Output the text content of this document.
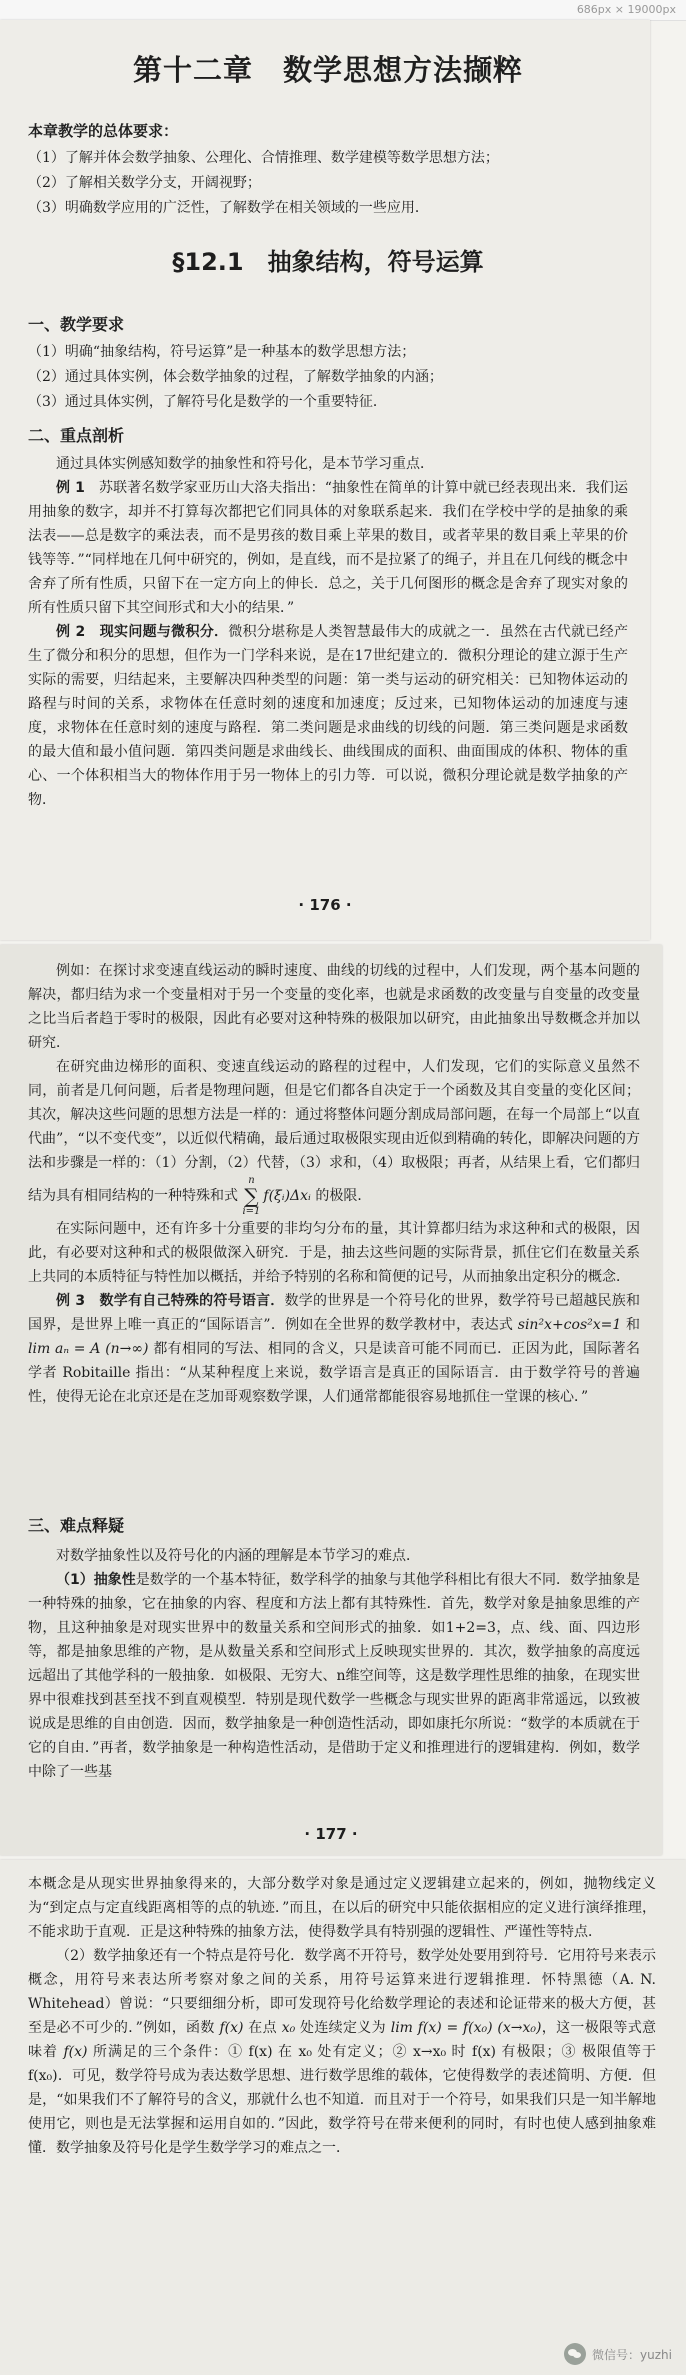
686px × 19000px
第十二章　数学思想方法撷粹
本章教学的总体要求：
（1）了解并体会数学抽象、公理化、合情推理、数学建模等数学思想方法；
（2）了解相关数学分支，开阔视野；
（3）明确数学应用的广泛性，了解数学在相关领域的一些应用．
§12.1　抽象结构，符号运算
一、教学要求
（1）明确“抽象结构，符号运算”是一种基本的数学思想方法；
（2）通过具体实例，体会数学抽象的过程，了解数学抽象的内涵；
（3）通过具体实例，了解符号化是数学的一个重要特征．
二、重点剖析

通过具体实例感知数学的抽象性和符号化，是本节学习重点．

例 1　 苏联著名数学家亚历山大洛夫指出：“抽象性在简单的计算中就已经表现出来．我们运用抽象的数字，却并不打算每次都把它们同具体的对象联系起来．我们在学校中学的是抽象的乘法表——总是数字的乘法表，而不是男孩的数目乘上苹果的数目，或者苹果的数目乘上苹果的价钱等等．”“同样地在几何中研究的，例如，是直线，而不是拉紧了的绳子，并且在几何线的概念中舍弃了所有性质，只留下在一定方向上的伸长．总之，关于几何图形的概念是舍弃了现实对象的所有性质只留下其空间形式和大小的结果．”

例 2　 现实问题与微积分．微积分堪称是人类智慧最伟大的成就之一．虽然在古代就已经产生了微分和积分的思想，但作为一门学科来说，是在17世纪建立的．微积分理论的建立源于生产实际的需要，归结起来，主要解决四种类型的问题：第一类与运动的研究相关：已知物体运动的路程与时间的关系，求物体在任意时刻的速度和加速度；反过来，已知物体运动的加速度与速度，求物体在任意时刻的速度与路程．第二类问题是求曲线的切线的问题．第三类问题是求函数的最大值和最小值问题．第四类问题是求曲线长、曲线围成的面积、曲面围成的体积、物体的重心、一个体积相当大的物体作用于另一物体上的引力等．可以说，微积分理论就是数学抽象的产物．

· 176 ·

例如：在探讨求变速直线运动的瞬时速度、曲线的切线的过程中，人们发现，两个基本问题的解决，都归结为求一个变量相对于另一个变量的变化率，也就是求函数的改变量与自变量的改变量之比当后者趋于零时的极限，因此有必要对这种特殊的极限加以研究，由此抽象出导数概念并加以研究．

在研究曲边梯形的面积、变速直线运动的路程的过程中，人们发现，它们的实际意义虽然不同，前者是几何问题，后者是物理问题，但是它们都各自决定于一个函数及其自变量的变化区间；其次，解决这些问题的思想方法是一样的：通过将整体问题分割成局部问题，在每一个局部上“以直代曲”，“以不变代变”，以近似代精确，最后通过取极限实现由近似到精确的转化，即解决问题的方法和步骤是一样的：（1）分割，（2）代替，（3）求和，（4）取极限；再者，从结果上看，它们都归结为具有相同结构的一种特殊和式
n
∑
i=1
f(ξᵢ)Δxᵢ 的极限．

在实际问题中，还有许多十分重要的非均匀分布的量，其计算都归结为求这种和式的极限，因此，有必要对这种和式的极限做深入研究．于是，抽去这些问题的实际背景，抓住它们在数量关系上共同的本质特征与特性加以概括，并给予特别的名称和简便的记号，从而抽象出定积分的概念．

例 3　 数学有自己特殊的符号语言．数学的世界是一个符号化的世界，数学符号已超越民族和国界，是世界上唯一真正的“国际语言”．例如在全世界的数学教材中，表达式 sin²x+cos²x=1 和 lim aₙ = A (n→∞) 都有相同的写法、相同的含义，只是读音可能不同而已．正因为此，国际著名学者 Robitaille 指出：“从某种程度上来说，数学语言是真正的国际语言．由于数学符号的普遍性，使得无论在北京还是在芝加哥观察数学课，人们通常都能很容易地抓住一堂课的核心．”

三、难点释疑

对数学抽象性以及符号化的内涵的理解是本节学习的难点．

（1）抽象性是数学的一个基本特征，数学科学的抽象与其他学科相比有很大不同．数学抽象是一种特殊的抽象，它在抽象的内容、程度和方法上都有其特殊性．首先，数学对象是抽象思维的产物，且这种抽象是对现实世界中的数量关系和空间形式的抽象．如1+2=3，点、线、面、四边形等，都是抽象思维的产物，是从数量关系和空间形式上反映现实世界的．其次，数学抽象的高度远远超出了其他学科的一般抽象．如极限、无穷大、n维空间等，这是数学理性思维的抽象，在现实世界中很难找到甚至找不到直观模型．特别是现代数学一些概念与现实世界的距离非常遥远，以致被说成是思维的自由创造．因而，数学抽象是一种创造性活动，即如康托尔所说：“数学的本质就在于它的自由．”再者，数学抽象是一种构造性活动，是借助于定义和推理进行的逻辑建构．例如，数学中除了一些基

· 177 ·

本概念是从现实世界抽象得来的，大部分数学对象是通过定义逻辑建立起来的，例如，抛物线定义为“到定点与定直线距离相等的点的轨迹．”而且，在以后的研究中只能依据相应的定义进行演绎推理，不能求助于直观．正是这种特殊的抽象方法，使得数学具有特别强的逻辑性、严谨性等特点．

（2）数学抽象还有一个特点是符号化．数学离不开符号，数学处处要用到符号．它用符号来表示概念，用符号来表达所考察对象之间的关系，用符号运算来进行逻辑推理．怀特黑德（A. N. Whitehead）曾说：“只要细细分析，即可发现符号化给数学理论的表述和论证带来的极大方便，甚至是必不可少的．”例如，函数 f(x) 在点 x₀ 处连续定义为 lim f(x) = f(x₀) (x→x₀)，这一极限等式意味着 f(x) 所满足的三个条件：① f(x) 在 x₀ 处有定义；② x→x₀ 时 f(x) 有极限；③ 极限值等于 f(x₀)．可见，数学符号成为表达数学思想、进行数学思维的载体，它使得数学的表述简明、方便．但是，“如果我们不了解符号的含义，那就什么也不知道．而且对于一个符号，如果我们只是一知半解地使用它，则也是无法掌握和运用自如的．”因此，数学符号在带来便利的同时，有时也使人感到抽象难懂．数学抽象及符号化是学生数学学习的难点之一．

微信号：yuzhi
